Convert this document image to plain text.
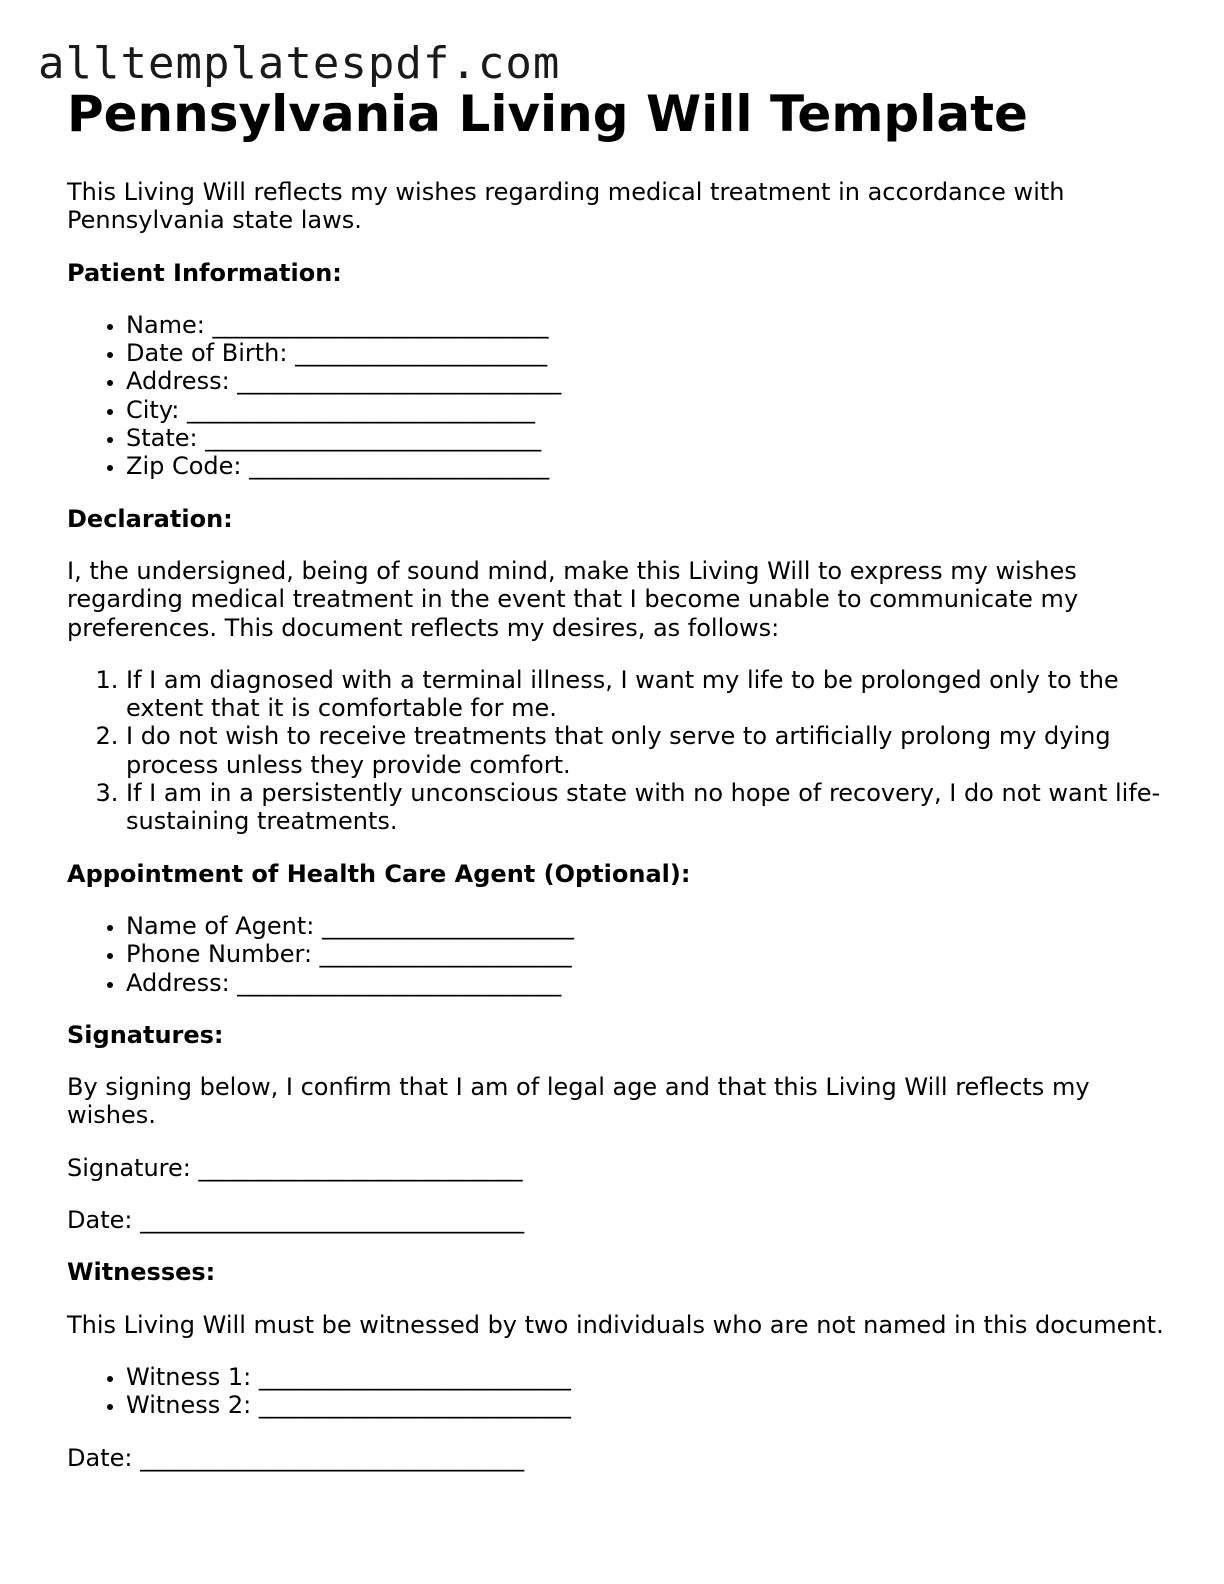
alltemplatespdf.com
Pennsylvania Living Will Template

This Living Will reflects my wishes regarding medical treatment in accordance with Pennsylvania state laws.

Patient Information:
• Name: ____________________________
• Date of Birth: _____________________
• Address: ___________________________
• City: _____________________________
• State: ____________________________
• Zip Code: _________________________
Declaration:

I, the undersigned, being of sound mind, make this Living Will to express my wishes regarding medical treatment in the event that I become unable to communicate my preferences. This document reflects my desires, as follows:

1. If I am diagnosed with a terminal illness, I want my life to be prolonged only to the extent that it is comfortable for me.
2. I do not wish to receive treatments that only serve to artificially prolong my dying process unless they provide comfort.
3. If I am in a persistently unconscious state with no hope of recovery, I do not want life-sustaining treatments.
Appointment of Health Care Agent (Optional):
• Name of Agent: _____________________
• Phone Number: _____________________
• Address: ___________________________
Signatures:

By signing below, I confirm that I am of legal age and that this Living Will reflects my wishes.

Signature: ___________________________

Date: ________________________________

Witnesses:

This Living Will must be witnessed by two individuals who are not named in this document.

• Witness 1: __________________________
• Witness 2: __________________________

Date: ________________________________
